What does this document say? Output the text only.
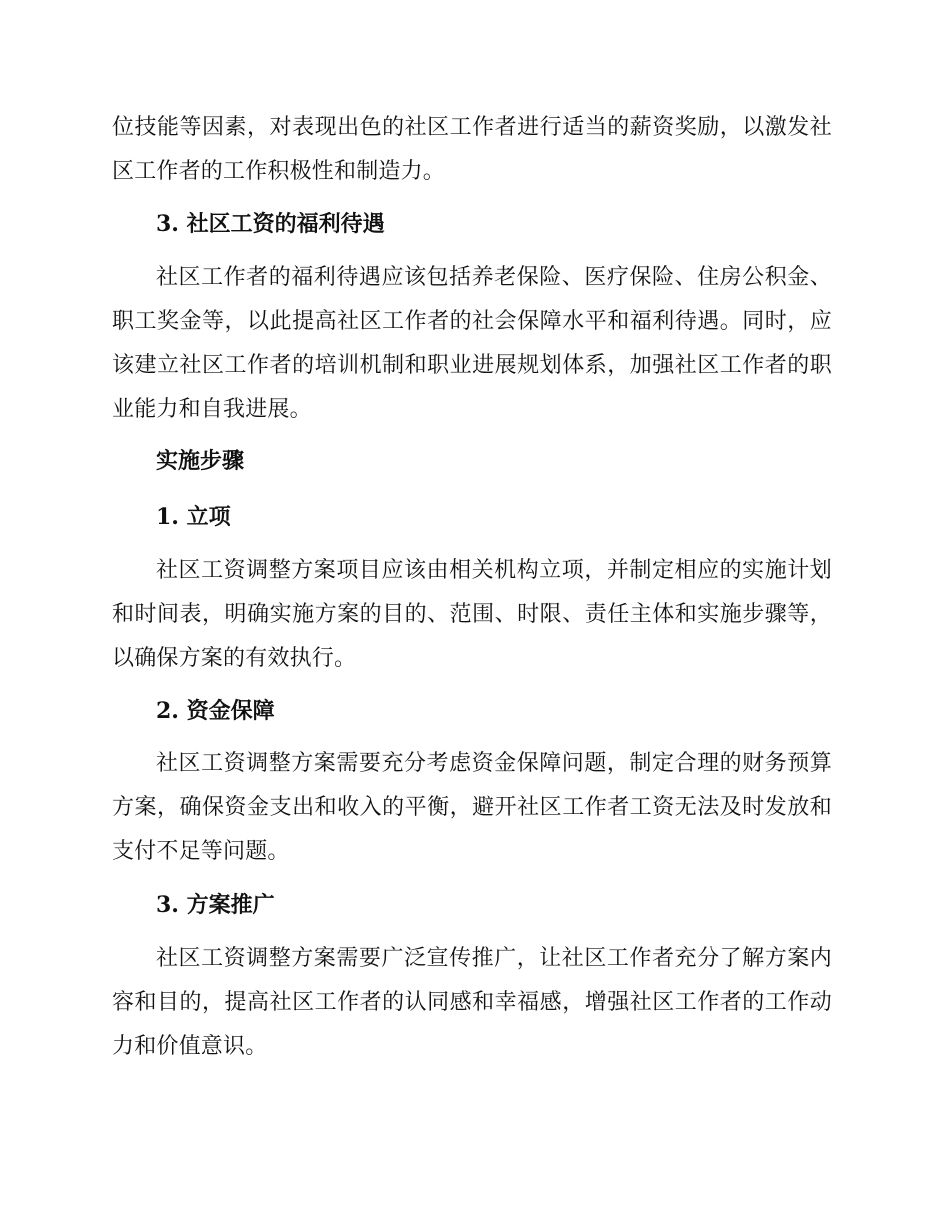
位技能等因素，对表现出色的社区工作者进行适当的薪资奖励，以激发社区工作者的工作积极性和制造力。

3. 社区工资的福利待遇

社区工作者的福利待遇应该包括养老保险、医疗保险、住房公积金、职工奖金等，以此提高社区工作者的社会保障水平和福利待遇。同时，应该建立社区工作者的培训机制和职业进展规划体系，加强社区工作者的职业能力和自我进展。

实施步骤

1. 立项

社区工资调整方案项目应该由相关机构立项，并制定相应的实施计划和时间表，明确实施方案的目的、范围、时限、责任主体和实施步骤等，以确保方案的有效执行。

2. 资金保障

社区工资调整方案需要充分考虑资金保障问题，制定合理的财务预算方案，确保资金支出和收入的平衡，避开社区工作者工资无法及时发放和支付不足等问题。

3. 方案推广

社区工资调整方案需要广泛宣传推广，让社区工作者充分了解方案内容和目的，提高社区工作者的认同感和幸福感，增强社区工作者的工作动力和价值意识。
